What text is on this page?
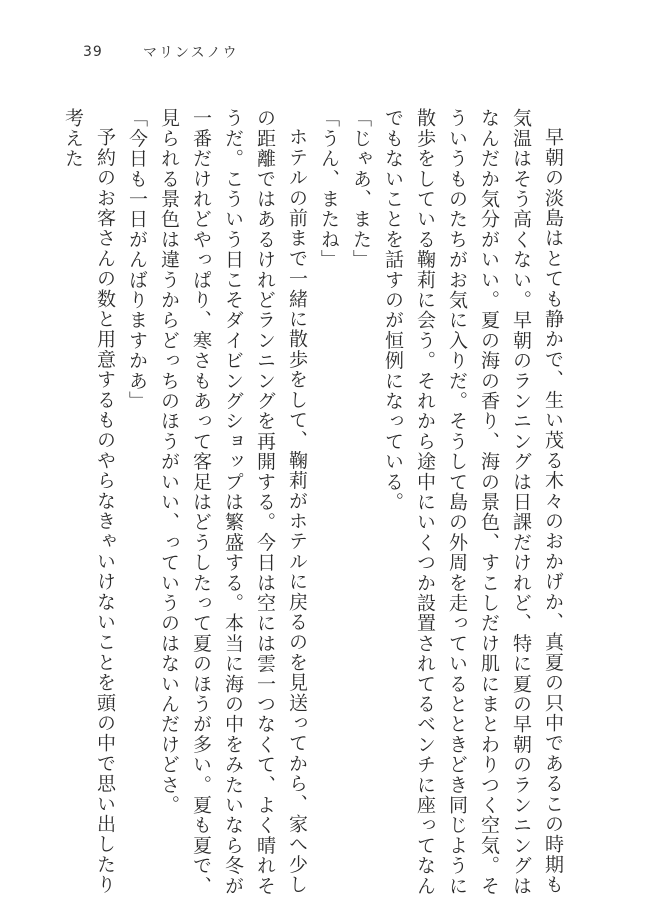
39	マリンスノウ

早朝の淡島はとても静かで、生い茂る木々のおかげか、真夏の只中であるこの時期も気温はそう高くない。早朝のランニングは日課だけれど、特に夏の早朝のランニングはなんだか気分がいい。夏の海の香り、海の景色、すこしだけ肌にまとわりつく空気。そういうものたちがお気に入りだ。そうして島の外周を走っているとときどき同じように散歩をしている鞠莉に会う。それから途中にいくつか設置されてるベンチに座ってなんでもないことを話すのが恒例になっている。

「じゃあ、また」

「うん、またね」

ホテルの前まで一緒に散歩をして、鞠莉がホテルに戻るのを見送ってから、家へ少しの距離ではあるけれどランニングを再開する。今日は空には雲一つなくて、よく晴れそうだ。こういう日こそダイビングショップは繁盛する。本当に海の中をみたいなら冬が一番だけれどやっぱり、寒さもあって客足はどうしたって夏のほうが多い。夏も夏で、見られる景色は違うからどっちのほうがいい、っていうのはないんだけどさ。

「今日も一日がんばりますかあ」

予約のお客さんの数と用意するものやらなきゃいけないことを頭の中で思い出したり考えた
